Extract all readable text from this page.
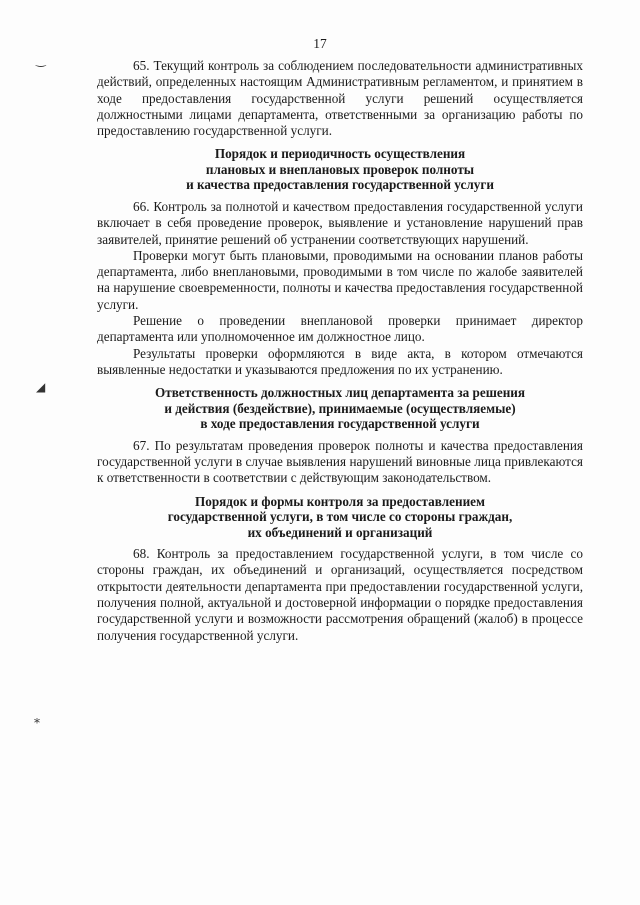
17
‿
◢
⁎

65. Текущий контроль за соблюдением последовательности административных действий, определенных настоящим Административным регламентом, и принятием в ходе предоставления государственной услуги решений осуществляется должностными лицами департамента, ответственными за организацию работы по предоставлению государственной услуги.

Порядок и периодичность осуществления
плановых и внеплановых проверок полноты
и качества предоставления государственной услуги

66. Контроль за полнотой и качеством предоставления государственной услуги включает в себя проведение проверок, выявление и установление нарушений прав заявителей, принятие решений об устранении соответствующих нарушений.

Проверки могут быть плановыми, проводимыми на основании планов работы департамента, либо внеплановыми, проводимыми в том числе по жалобе заявителей на нарушение своевременности, полноты и качества предоставления государственной услуги.

Решение о проведении внеплановой проверки принимает директор департамента или уполномоченное им должностное лицо.

Результаты проверки оформляются в виде акта, в котором отмечаются выявленные недостатки и указываются предложения по их устранению.

Ответственность должностных лиц департамента за решения
и действия (бездействие), принимаемые (осуществляемые)
в ходе предоставления государственной услуги

67. По результатам проведения проверок полноты и качества предоставления государственной услуги в случае выявления нарушений виновные лица привлекаются к ответственности в соответствии с действующим законодательством.

Порядок и формы контроля за предоставлением
государственной услуги, в том числе со стороны граждан,
их объединений и организаций

68. Контроль за предоставлением государственной услуги, в том числе со стороны граждан, их объединений и организаций, осуществляется посредством открытости деятельности департамента при предоставлении государственной услуги, получения полной, актуальной и достоверной информации о порядке предоставления государственной услуги и возможности рассмотрения обращений (жалоб) в процессе получения государственной услуги.
